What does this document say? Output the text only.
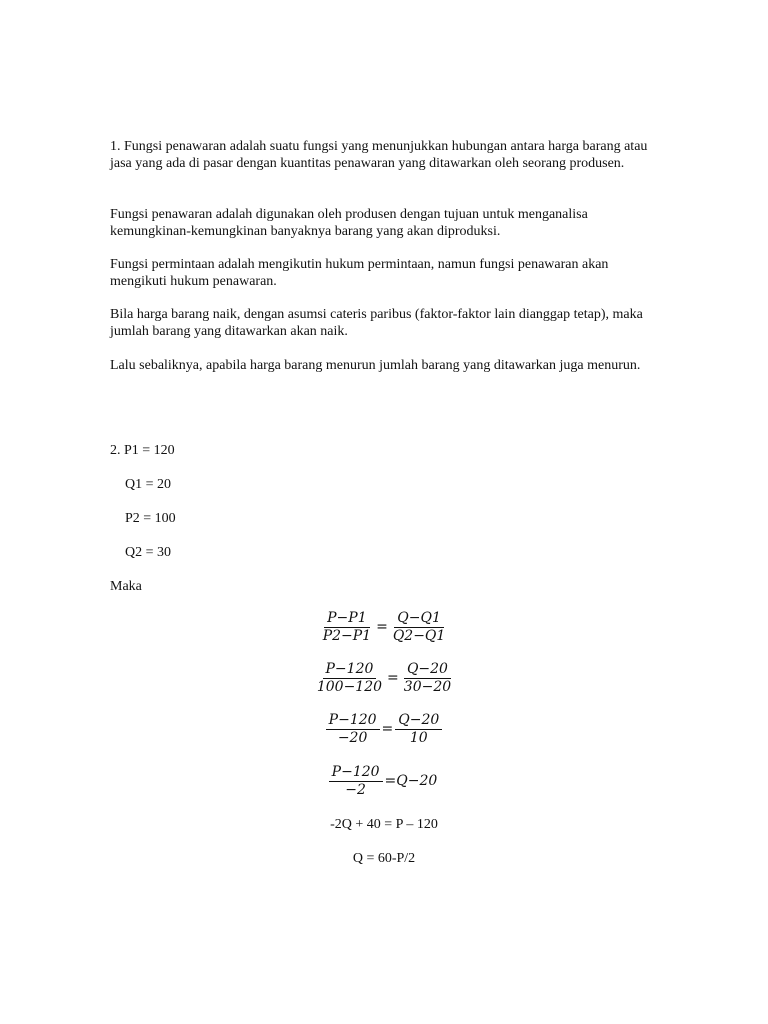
1. Fungsi penawaran adalah suatu fungsi yang menunjukkan hubungan antara harga barang atau jasa yang ada di pasar dengan kuantitas penawaran yang ditawarkan oleh seorang produsen.

Fungsi penawaran adalah digunakan oleh produsen dengan tujuan untuk menganalisa kemungkinan-kemungkinan banyaknya barang yang akan diproduksi.

Fungsi permintaan adalah mengikutin hukum permintaan, namun fungsi penawaran akan mengikuti hukum penawaran.

Bila harga barang naik, dengan asumsi cateris paribus (faktor-faktor lain dianggap tetap), maka jumlah barang yang ditawarkan akan naik.

Lalu sebaliknya, apabila harga barang menurun jumlah barang yang ditawarkan juga menurun.

2. P1 = 120

Q1 = 20

P2 = 100

Q2 = 30

Maka

$\frac{P-P1}{P2-P1} = \frac{Q-Q1}{Q2-Q1}$
$\frac{P-120}{100-120} = \frac{Q-20}{30-20}$
$\frac{P-120}{-20} = \frac{Q-20}{10}$
$\frac{P-120}{-2} =Q-20$
-2Q + 40 = P – 120
Q = 60-P/2
